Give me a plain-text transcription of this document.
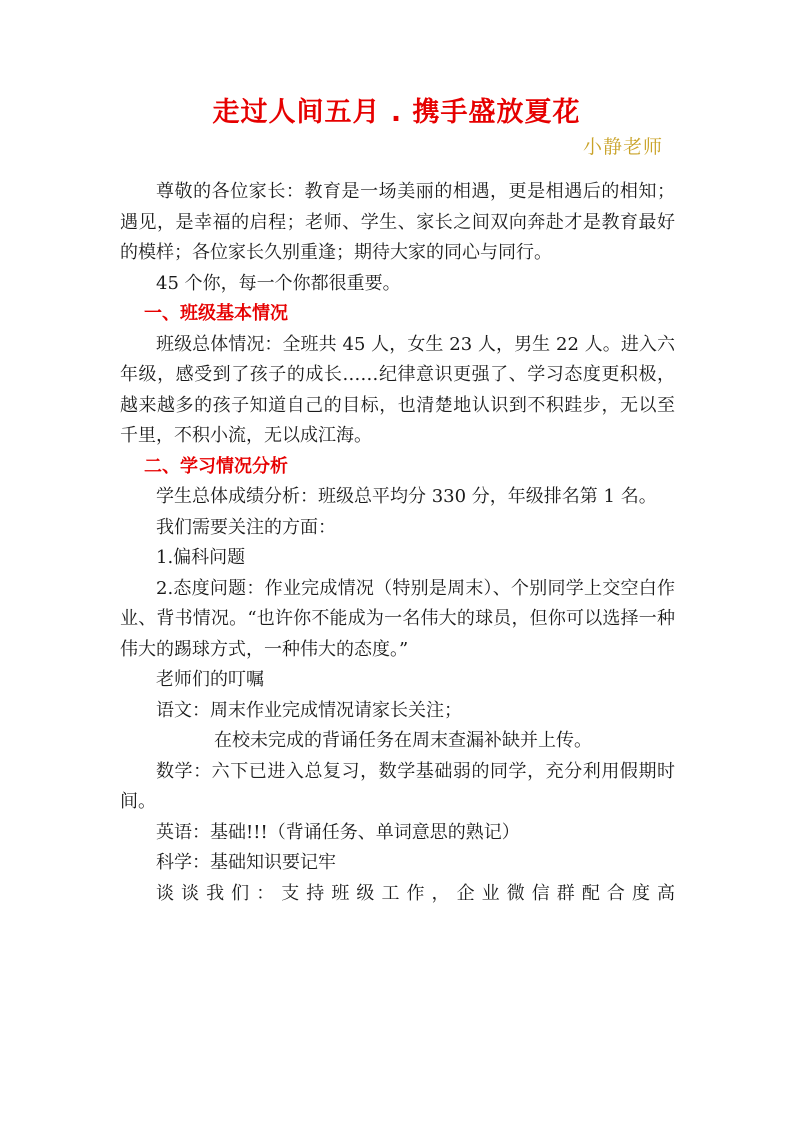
走过人间五月 . 携手盛放夏花
小静老师

尊敬的各位家长：教育是一场美丽的相遇，更是相遇后的相知；遇见，是幸福的启程；老师、学生、家长之间双向奔赴才是教育最好的模样；各位家长久别重逢；期待大家的同心与同行。

45 个你，每一个你都很重要。

一、班级基本情况

班级总体情况：全班共 45 人，女生 23 人，男生 22 人。进入六年级，感受到了孩子的成长……纪律意识更强了、学习态度更积极，越来越多的孩子知道自己的目标，也清楚地认识到不积跬步，无以至千里，不积小流，无以成江海。

二、学习情况分析

学生总体成绩分析：班级总平均分 330 分，年级排名第 1 名。

我们需要关注的方面：

1.偏科问题

2.态度问题：作业完成情况（特别是周末）、个别同学上交空白作业、背书情况。“也许你不能成为一名伟大的球员，但你可以选择一种伟大的踢球方式，一种伟大的态度。”

老师们的叮嘱

语文：周末作业完成情况请家长关注；

在校未完成的背诵任务在周末查漏补缺并上传。

数学：六下已进入总复习，数学基础弱的同学，充分利用假期时间。

英语：基础!!!（背诵任务、单词意思的熟记）

科学：基础知识要记牢

谈谈我们：支持班级工作，企业微信群配合度高
